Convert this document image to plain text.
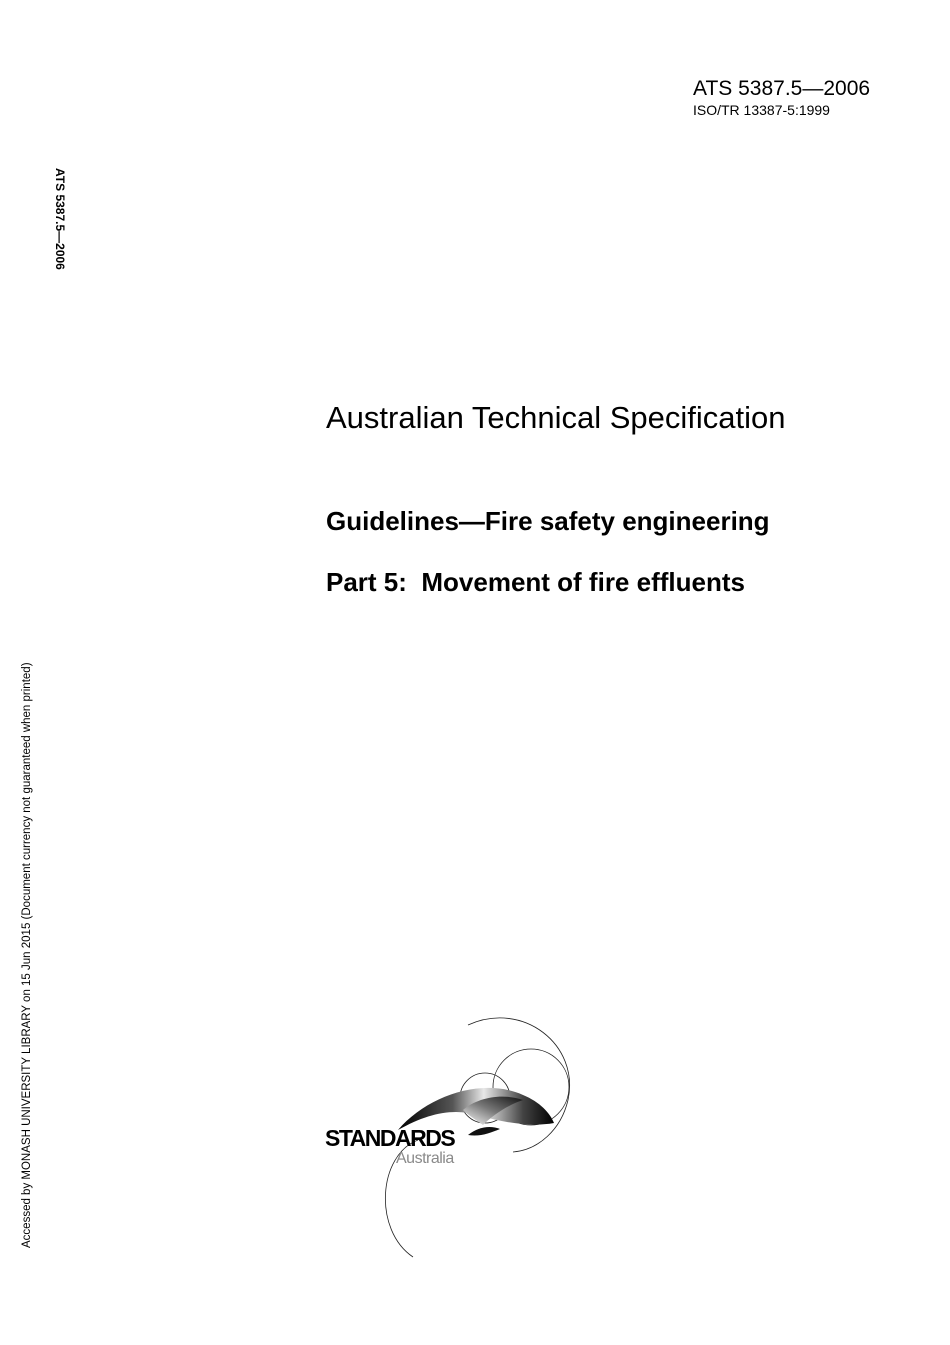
ATS 5387.5—2006
ISO/TR 13387-5:1999
ATS 5387.5—2006
Accessed by MONASH UNIVERSITY LIBRARY on 15 Jun 2015 (Document currency not guaranteed when printed)
Australian Technical Specification
Guidelines—Fire safety engineering
Part 5:  Movement of fire effluents
STANDARDS
Australia
